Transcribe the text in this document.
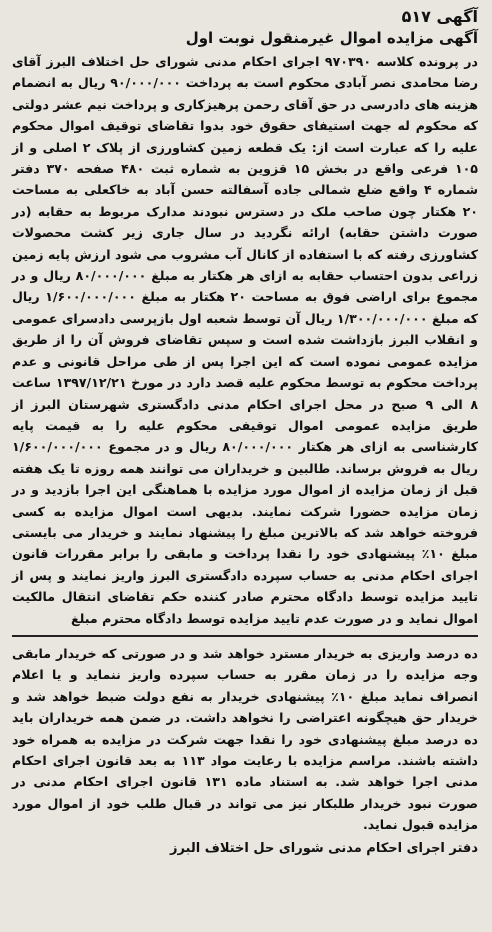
آگهی ۵۱۷

آگهی مزایده اموال غیرمنقول نوبت اول

در پرونده کلاسه ۹۷۰۳۹۰ اجرای احکام مدنی شورای حل اختلاف البرز آقای رضا محامدی نصر آبادی محکوم است به پرداخت ۹۰/۰۰۰/۰۰۰ ریال به انضمام هزینه های دادرسی در حق آقای رحمن پرهیزکاری و پرداخت نیم عشر دولتی که محکوم له جهت استیفای حقوق خود بدوا تقاضای توقیف اموال محکوم علیه را که عبارت است از: یک قطعه زمین کشاورزی از پلاک ۲ اصلی و از ۱۰۵ فرعی واقع در بخش ۱۵ قزوین به شماره ثبت ۴۸۰ صفحه ۳۷۰ دفتر شماره ۴ واقع ضلع شمالی جاده آسفالته حسن آباد به خاکعلی به مساحت ۲۰ هکتار چون صاحب ملک در دسترس نبودند مدارک مربوط به حقابه (در صورت داشتن حقابه) ارائه نگردید در سال جاری زیر کشت محصولات کشاورزی رفته که با استفاده از کانال آب مشروب می شود ارزش پایه زمین زراعی بدون احتساب حقابه به ازای هر هکتار به مبلغ ۸۰/۰۰۰/۰۰۰ ریال و در مجموع برای اراضی فوق به مساحت ۲۰ هکتار به مبلغ ۱/۶۰۰/۰۰۰/۰۰۰ ریال که مبلغ ۱/۳۰۰/۰۰۰/۰۰۰ ریال آن توسط شعبه اول بازپرسی دادسرای عمومی و انقلاب البرز بازداشت شده است و سپس تقاضای فروش آن را از طریق مزایده عمومی نموده است که این اجرا پس از طی مراحل قانونی و عدم پرداخت محکوم به توسط محکوم علیه قصد دارد در مورخ ۱۳۹۷/۱۲/۲۱ ساعت ۸ الی ۹ صبح در محل اجرای احکام مدنی دادگستری شهرستان البرز از طریق مزایده عمومی اموال توقیفی محکوم علیه را به قیمت پایه کارشناسی به ازای هر هکتار ۸۰/۰۰۰/۰۰۰ ریال و در مجموع ۱/۶۰۰/۰۰۰/۰۰۰ ریال به فروش برساند. طالبین و خریداران می توانند همه روزه تا یک هفته قبل از زمان مزایده از اموال مورد مزایده با هماهنگی این اجرا بازدید و در زمان مزایده حضورا شرکت نمایند. بدیهی است اموال مزایده به کسی فروخته خواهد شد که بالاترین مبلغ را پیشنهاد نمایند و خریدار می بایستی مبلغ ۱۰٪ پیشنهادی خود را نقدا پرداخت و مابقی را برابر مقررات قانون اجرای احکام مدنی به حساب سپرده دادگستری البرز واریز نمایند و پس از تایید مزایده توسط دادگاه محترم صادر کننده حکم تقاضای انتقال مالکیت اموال نماید و در صورت عدم تایید مزایده توسط دادگاه محترم مبلغ

ده درصد واریزی به خریدار مسترد خواهد شد و در صورتی که خریدار مابقی وجه مزایده را در زمان مقرر به حساب سپرده واریز ننماید و یا اعلام انصراف نماید مبلغ ۱۰٪ پیشنهادی خریدار به نفع دولت ضبط خواهد شد و خریدار حق هیچگونه اعتراضی را نخواهد داشت. در ضمن همه خریداران باید ده درصد مبلغ پیشنهادی خود را نقدا جهت شرکت در مزایده به همراه خود داشته باشند. مراسم مزایده با رعایت مواد ۱۱۳ به بعد قانون اجرای احکام مدنی اجرا خواهد شد. به استناد ماده ۱۳۱ قانون اجرای احکام مدنی در صورت نبود خریدار طلبکار نیز می تواند در قبال طلب خود از اموال مورد مزایده قبول نماید.

دفتر اجرای احکام مدنی شورای حل اختلاف البرز
